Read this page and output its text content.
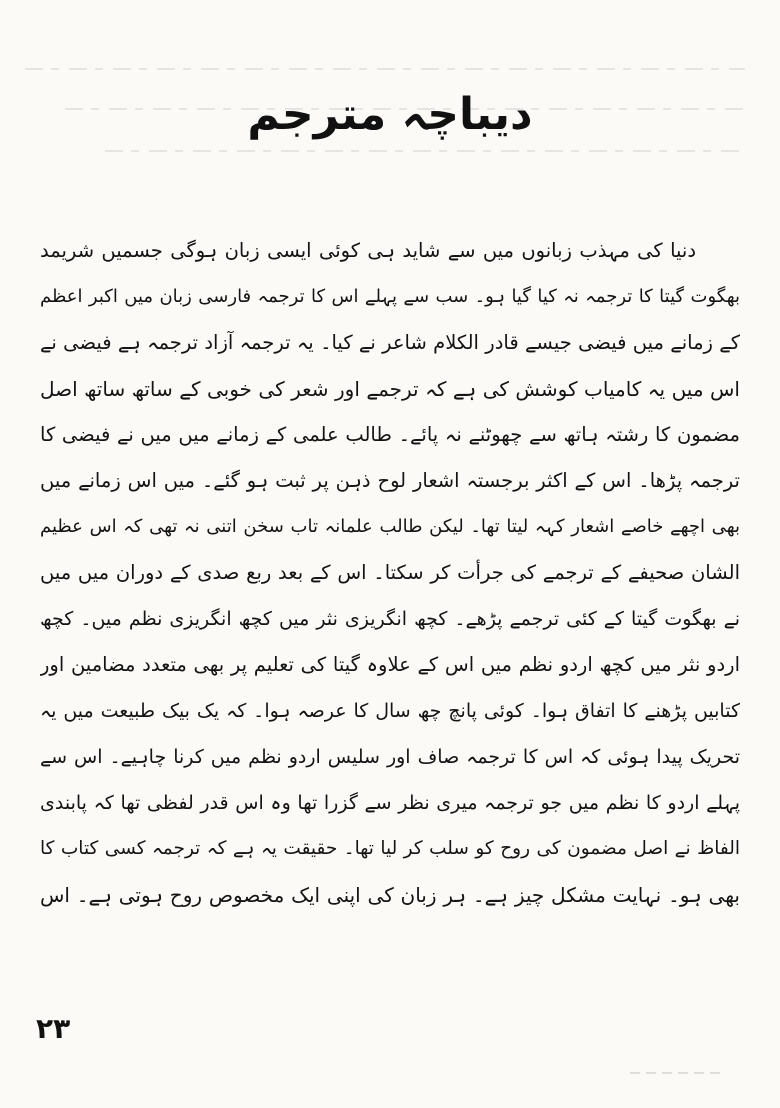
دیباچہ مترجم
دنیا کی مہذب زبانوں میں سے شاید ہی کوئی ایسی زبان ہوگی جسمیں شریمد
بھگوت گیتا کا ترجمہ نہ کیا گیا ہو۔ سب سے پہلے اس کا ترجمہ فارسی زبان میں اکبر اعظم
کے زمانے میں فیضی جیسے قادر الکلام شاعر نے کیا۔ یہ ترجمہ آزاد ترجمہ ہے فیضی نے
اس میں یہ کامیاب کوشش کی ہے کہ ترجمے اور شعر کی خوبی کے ساتھ ساتھ اصل
مضمون کا رشتہ ہاتھ سے چھوٹنے نہ پائے۔ طالب علمی کے زمانے میں میں نے فیضی کا
ترجمہ پڑھا۔ اس کے اکثر برجستہ اشعار لوح ذہن پر ثبت ہو گئے۔ میں اس زمانے میں
بھی اچھے خاصے اشعار کہہ لیتا تھا۔ لیکن طالب علمانہ تاب سخن اتنی نہ تھی کہ اس عظیم
الشان صحیفے کے ترجمے کی جرأت کر سکتا۔ اس کے بعد ربع صدی کے دوران میں میں
نے بھگوت گیتا کے کئی ترجمے پڑھے۔ کچھ انگریزی نثر میں کچھ انگریزی نظم میں۔ کچھ
اردو نثر میں کچھ اردو نظم میں اس کے علاوہ گیتا کی تعلیم پر بھی متعدد مضامین اور
کتابیں پڑھنے کا اتفاق ہوا۔ کوئی پانچ چھ سال کا عرصہ ہوا۔ کہ یک بیک طبیعت میں یہ
تحریک پیدا ہوئی کہ اس کا ترجمہ صاف اور سلیس اردو نظم میں کرنا چاہیے۔ اس سے
پہلے اردو کا نظم میں جو ترجمہ میری نظر سے گزرا تھا وہ اس قدر لفظی تھا کہ پابندی
الفاظ نے اصل مضمون کی روح کو سلب کر لیا تھا۔ حقیقت یہ ہے کہ ترجمہ کسی کتاب کا
بھی ہو۔ نہایت مشکل چیز ہے۔ ہر زبان کی اپنی ایک مخصوص روح ہوتی ہے۔ اس
۲۳
